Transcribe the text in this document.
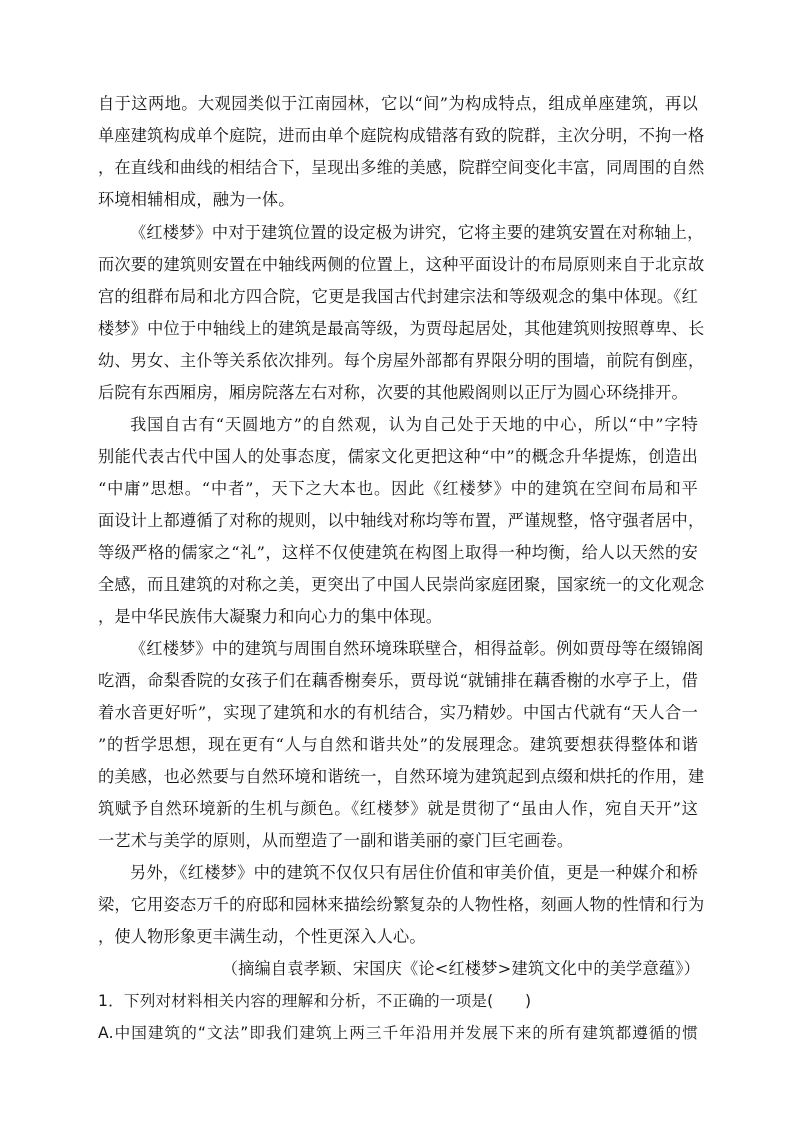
自于这两地。大观园类似于江南园林，它以“间”为构成特点，组成单座建筑，再以
单座建筑构成单个庭院，进而由单个庭院构成错落有致的院群，主次分明，不拘一格
，在直线和曲线的相结合下，呈现出多维的美感，院群空间变化丰富，同周围的自然
环境相辅相成，融为一体。
《红楼梦》中对于建筑位置的设定极为讲究，它将主要的建筑安置在对称轴上，
而次要的建筑则安置在中轴线两侧的位置上，这种平面设计的布局原则来自于北京故
宫的组群布局和北方四合院，它更是我国古代封建宗法和等级观念的集中体现。《红
楼梦》中位于中轴线上的建筑是最高等级，为贾母起居处，其他建筑则按照尊卑、长
幼、男女、主仆等关系依次排列。每个房屋外部都有界限分明的围墙，前院有倒座，
后院有东西厢房，厢房院落左右对称，次要的其他殿阁则以正厅为圆心环绕排开。
我国自古有“天圆地方”的自然观，认为自己处于天地的中心，所以“中”字特
别能代表古代中国人的处事态度，儒家文化更把这种“中”的概念升华提炼，创造出
“中庸”思想。“中者”，天下之大本也。因此《红楼梦》中的建筑在空间布局和平
面设计上都遵循了对称的规则，以中轴线对称均等布置，严谨规整，恪守强者居中，
等级严格的儒家之“礼”，这样不仅使建筑在构图上取得一种均衡，给人以天然的安
全感，而且建筑的对称之美，更突出了中国人民崇尚家庭团聚，国家统一的文化观念
，是中华民族伟大凝聚力和向心力的集中体现。
《红楼梦》中的建筑与周围自然环境珠联壁合，相得益彰。例如贾母等在缀锦阁
吃酒，命梨香院的女孩子们在藕香榭奏乐，贾母说“就铺排在藕香榭的水亭子上，借
着水音更好听”，实现了建筑和水的有机结合，实乃精妙。中国古代就有“天人合一
”的哲学思想，现在更有“人与自然和谐共处”的发展理念。建筑要想获得整体和谐
的美感，也必然要与自然环境和谐统一，自然环境为建筑起到点缀和烘托的作用，建
筑赋予自然环境新的生机与颜色。《红楼梦》就是贯彻了“虽由人作，宛自天开”这
一艺术与美学的原则，从而塑造了一副和谐美丽的豪门巨宅画卷。
另外，《红楼梦》中的建筑不仅仅只有居住价值和审美价值，更是一种媒介和桥
梁，它用姿态万千的府邸和园林来描绘纷繁复杂的人物性格，刻画人物的性情和行为
，使人物形象更丰满生动，个性更深入人心。
（摘编自袁孝颖、宋国庆《论<红楼梦>建筑文化中的美学意蕴》）
1．下列对材料相关内容的理解和分析，不正确的一项是(　　)
A.中国建筑的“文法”即我们建筑上两三千年沿用并发展下来的所有建筑都遵循的惯
